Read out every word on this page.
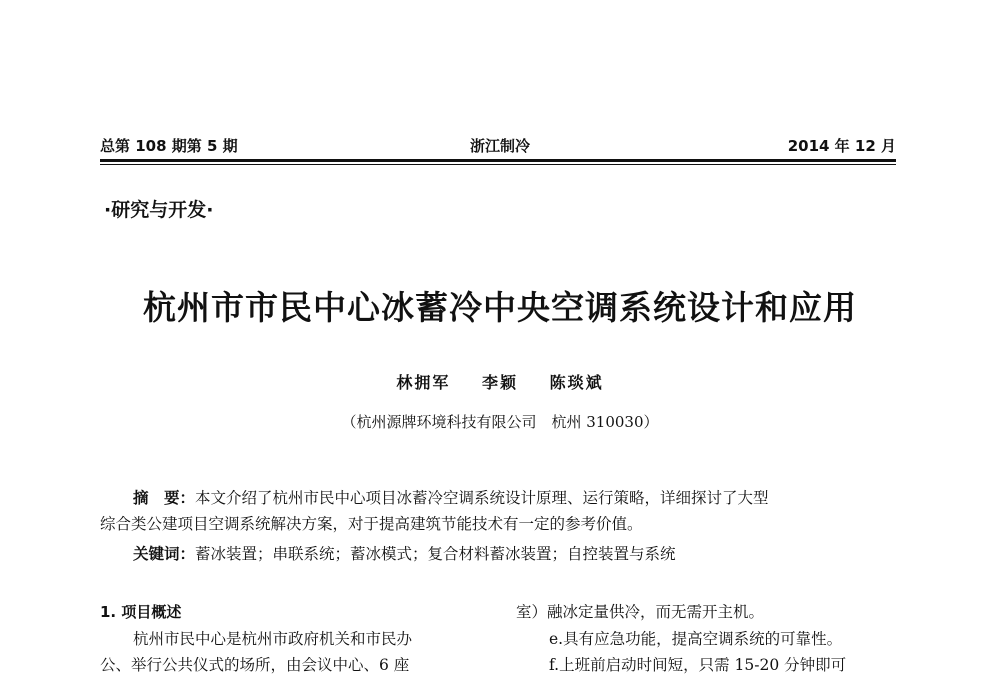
总第 108 期第 5 期	浙江制冷	2014 年 12 月
·研究与开发·
杭州市市民中心冰蓄冷中央空调系统设计和应用
林拥军 李颖 陈琰斌
（杭州源牌环境科技有限公司　杭州 310030）
摘　要：本文介绍了杭州市民中心项目冰蓄冷空调系统设计原理、运行策略，详细探讨了大型
综合类公建项目空调系统解决方案，对于提高建筑节能技术有一定的参考价值。
关键词：蓄冰装置；串联系统；蓄冰模式；复合材料蓄冰装置；自控装置与系统
1. 项目概述
杭州市民中心是杭州市政府机关和市民办
公、举行公共仪式的场所，由会议中心、6 座
室）融冰定量供冷，而无需开主机。
e.具有应急功能，提高空调系统的可靠性。
f.上班前启动时间短，只需 15-20 分钟即可
